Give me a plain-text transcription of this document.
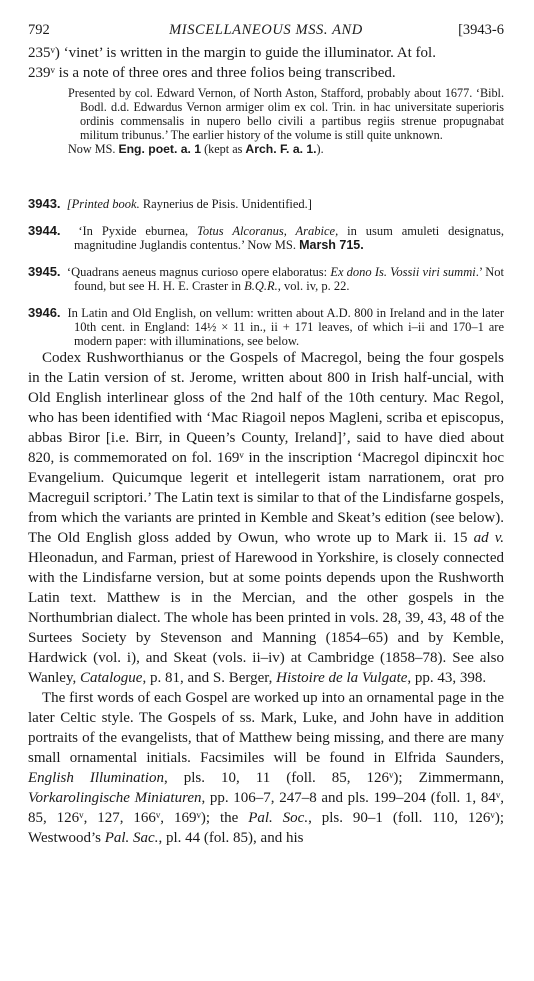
792	MISCELLANEOUS MSS. AND	[3943-6

235ᵛ) ‘vinet’ is written in the margin to guide the illuminator. At fol.

239ᵛ is a note of three ores and three folios being transcribed.

Presented by col. Edward Vernon, of North Aston, Stafford, probably about 1677. ‘Bibl. Bodl. d.d. Edwardus Vernon armiger olim ex col. Trin. in hac universitate superioris ordinis commensalis in nupero bello civili a partibus regiis strenue propugnabat militum tribunus.’ The earlier history of the volume is still quite unknown.

Now MS. Eng. poet. a. 1 (kept as Arch. F. a. 1.).

3943. [Printed book. Raynerius de Pisis. Unidentified.]

3944. ‘In Pyxide eburnea, Totus Alcoranus, Arabice, in usum amuleti designatus, magnitudine Juglandis contentus.’ Now MS. Marsh 715.

3945. ‘Quadrans aeneus magnus curioso opere elaboratus: Ex dono Is. Vossii viri summi.’ Not found, but see H. H. E. Craster in B.Q.R., vol. iv, p. 22.

3946. In Latin and Old English, on vellum: written about A.D. 800 in Ireland and in the later 10th cent. in England: 14½ × 11 in., ii + 171 leaves, of which i–ii and 170–1 are modern paper: with illuminations, see below.

Codex Rushworthianus or the Gospels of Macregol, being the four gospels in the Latin version of st. Jerome, written about 800 in Irish half-uncial, with Old English interlinear gloss of the 2nd half of the 10th century. Mac Regol, who has been identified with ‘Mac Riagoil nepos Magleni, scriba et episcopus, abbas Biror [i.e. Birr, in Queen’s County, Ireland]’, said to have died about 820, is commemorated on fol. 169ᵛ in the inscription ‘Macregol dipincxit hoc Evangelium. Quicumque legerit et intellegerit istam narrationem, orat pro Macreguil scriptori.’ The Latin text is similar to that of the Lindisfarne gospels, from which the variants are printed in Kemble and Skeat’s edition (see below). The Old English gloss added by Owun, who wrote up to Mark ii. 15 ad v. Hleonadun, and Farman, priest of Harewood in Yorkshire, is closely connected with the Lindisfarne version, but at some points depends upon the Rushworth Latin text. Matthew is in the Mercian, and the other gospels in the Northumbrian dialect. The whole has been printed in vols. 28, 39, 43, 48 of the Surtees Society by Stevenson and Manning (1854–65) and by Kemble, Hardwick (vol. i), and Skeat (vols. ii–iv) at Cambridge (1858–78). See also Wanley, Catalogue, p. 81, and S. Berger, Histoire de la Vulgate, pp. 43, 398.

The first words of each Gospel are worked up into an ornamental page in the later Celtic style. The Gospels of ss. Mark, Luke, and John have in addition portraits of the evangelists, that of Matthew being missing, and there are many small ornamental initials. Facsimiles will be found in Elfrida Saunders, English Illumination, pls. 10, 11 (foll. 85, 126ᵛ); Zimmermann, Vorkarolingische Miniaturen, pp. 106–7, 247–8 and pls. 199–204 (foll. 1, 84ᵛ, 85, 126ᵛ, 127, 166ᵛ, 169ᵛ); the Pal. Soc., pls. 90–1 (foll. 110, 126ᵛ); Westwood’s Pal. Sac., pl. 44 (fol. 85), and his
